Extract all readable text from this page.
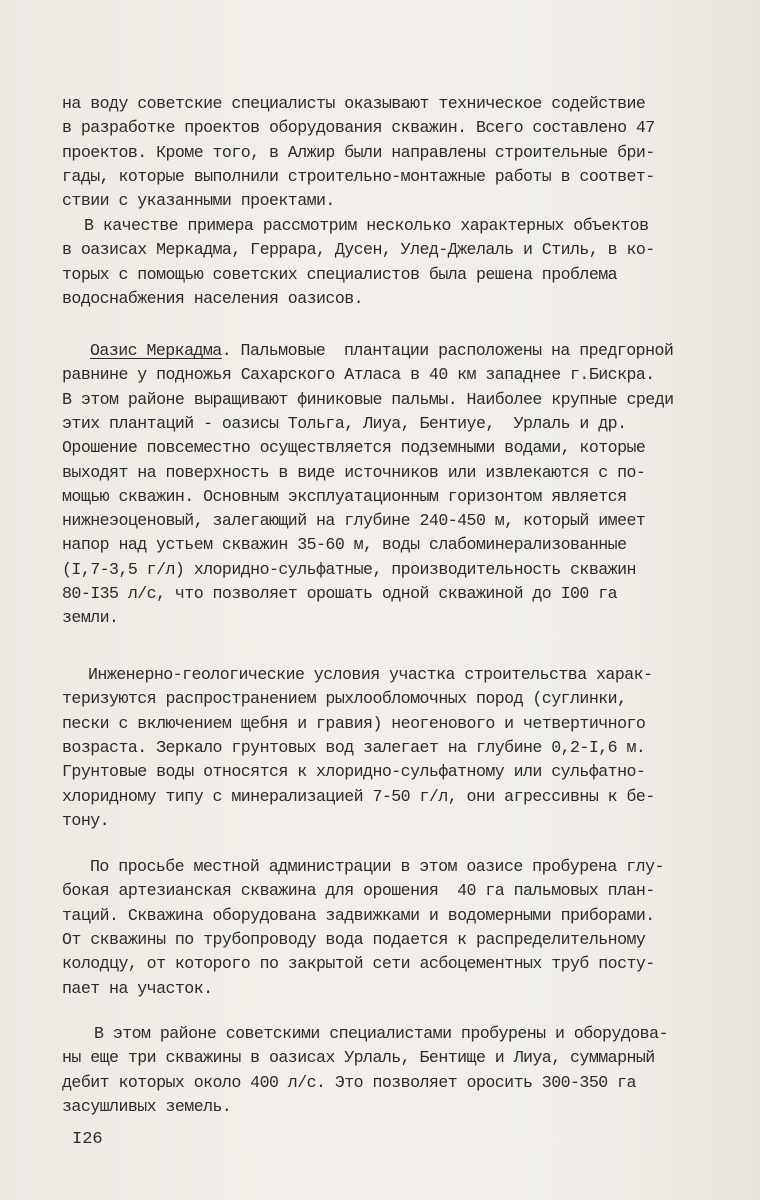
на воду советские специалисты оказывают техническое содействие
в разработке проектов оборудования скважин. Всего составлено 47
проектов. Кроме того, в Алжир были направлены строительные бри-
гады, которые выполнили строительно-монтажные работы в соответ-
ствии с указанными проектами.
В качестве примера рассмотрим несколько характерных объектов
в оазисах Меркадма, Геррара, Дусен, Улед-Джелаль и Стиль, в ко-
торых с помощью советских специалистов была решена проблема
водоснабжения населения оазисов.
Оазис Меркадма. Пальмовые  плантации расположены на предгорной
равнине у подножья Сахарского Атласа в 40 км западнее г.Бискра.
В этом районе выращивают финиковые пальмы. Наиболее крупные среди
этих плантаций - оазисы Тольга, Лиуа, Бентиуе,  Урлаль и др.
Орошение повсеместно осуществляется подземными водами, которые
выходят на поверхность в виде источников или извлекаются с по-
мощью скважин. Основным эксплуатационным горизонтом является
нижнеэоценовый, залегающий на глубине 240-450 м, который имеет
напор над устьем скважин 35-60 м, воды слабоминерализованные
(I,7-3,5 г/л) хлоридно-сульфатные, производительность скважин
80-I35 л/с, что позволяет орошать одной скважиной до I00 га
земли.
Инженерно-геологические условия участка строительства харак-
теризуются распространением рыхлообломочных пород (суглинки,
пески с включением щебня и гравия) неогенового и четвертичного
возраста. Зеркало грунтовых вод залегает на глубине 0,2-I,6 м.
Грунтовые воды относятся к хлоридно-сульфатному или сульфатно-
хлоридному типу с минерализацией 7-50 г/л, они агрессивны к бе-
тону.
По просьбе местной администрации в этом оазисе пробурена глу-
бокая артезианская скважина для орошения  40 га пальмовых план-
таций. Скважина оборудована задвижками и водомерными приборами.
От скважины по трубопроводу вода подается к распределительному
колодцу, от которого по закрытой сети асбоцементных труб посту-
пает на участок.
В этом районе советскими специалистами пробурены и оборудова-
ны еще три скважины в оазисах Урлаль, Бентище и Лиуа, суммарный
дебит которых около 400 л/с. Это позволяет оросить 300-350 га
засушливых земель.
I26
